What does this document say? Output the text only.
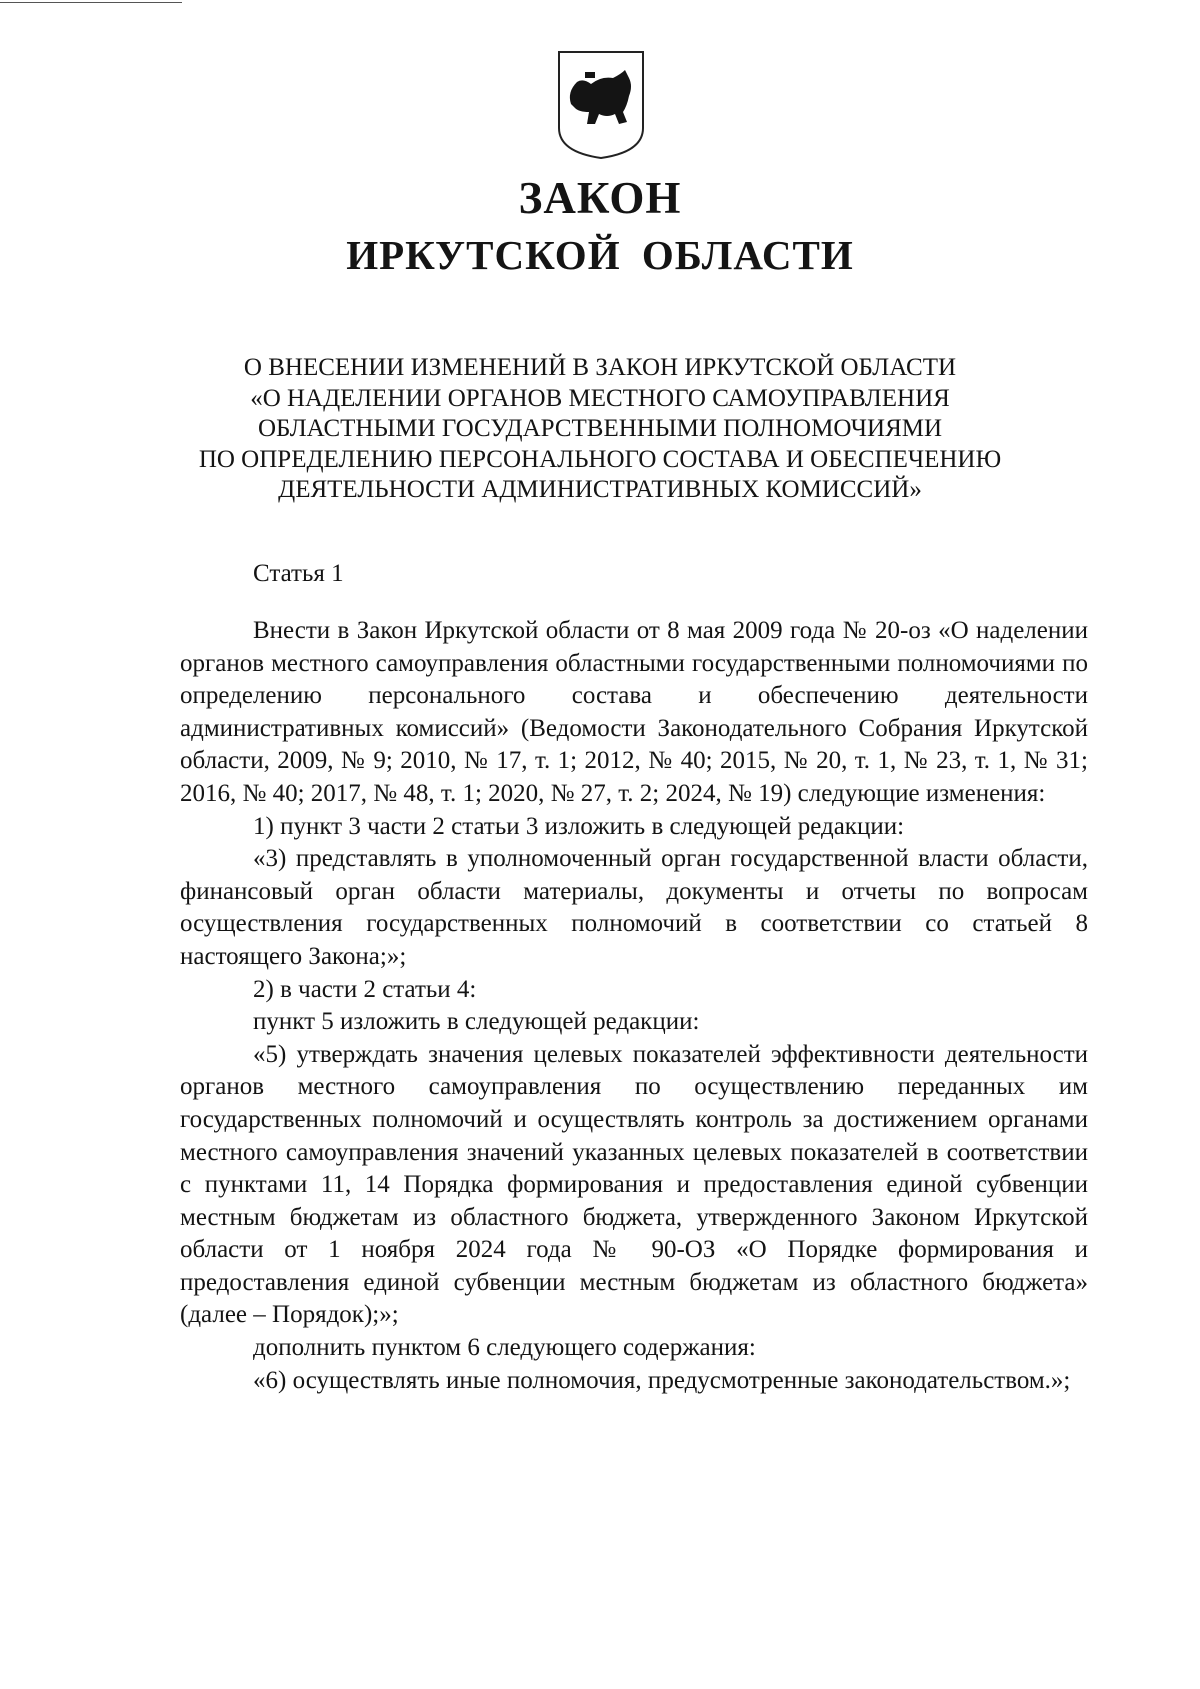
ЗАКОН
ИРКУТСКОЙ ОБЛАСТИ
О ВНЕСЕНИИ ИЗМЕНЕНИЙ В ЗАКОН ИРКУТСКОЙ ОБЛАСТИ
«О НАДЕЛЕНИИ ОРГАНОВ МЕСТНОГО САМОУПРАВЛЕНИЯ
ОБЛАСТНЫМИ ГОСУДАРСТВЕННЫМИ ПОЛНОМОЧИЯМИ
ПО ОПРЕДЕЛЕНИЮ ПЕРСОНАЛЬНОГО СОСТАВА И ОБЕСПЕЧЕНИЮ
ДЕЯТЕЛЬНОСТИ АДМИНИСТРАТИВНЫХ КОМИССИЙ»
Статья 1

Внести в Закон Иркутской области от 8 мая 2009 года № 20-оз «О наделении органов местного самоуправления областными государственными полномочиями по определению персонального состава и обеспечению деятельности административных комиссий» (Ведомости Законодательного Собрания Иркутской области, 2009, № 9; 2010, № 17, т. 1; 2012, № 40; 2015, № 20, т. 1, № 23, т. 1, № 31; 2016, № 40; 2017, № 48, т. 1; 2020, № 27, т. 2; 2024, № 19) следующие изменения:

1) пункт 3 части 2 статьи 3 изложить в следующей редакции:

«3) представлять в уполномоченный орган государственной власти области, финансовый орган области материалы, документы и отчеты по вопросам осуществления государственных полномочий в соответствии со статьей 8 настоящего Закона;»;

2) в части 2 статьи 4:

пункт 5 изложить в следующей редакции:

«5) утверждать значения целевых показателей эффективности деятельности органов местного самоуправления по осуществлению переданных им государственных полномочий и осуществлять контроль за достижением органами местного самоуправления значений указанных целевых показателей в соответствии с пунктами 11, 14 Порядка формирования и предоставления единой субвенции местным бюджетам из областного бюджета, утвержденного Законом Иркутской области от 1 ноября 2024 года № 90-ОЗ «О Порядке формирования и предоставления единой субвенции местным бюджетам из областного бюджета» (далее – Порядок);»;

дополнить пунктом 6 следующего содержания:

«6) осуществлять иные полномочия, предусмотренные законодательством.»;
